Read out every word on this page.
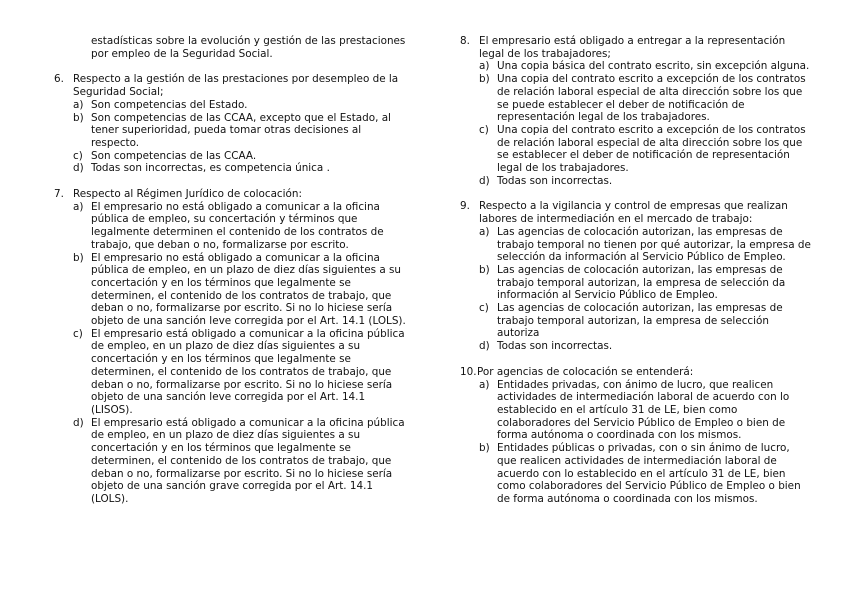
estadísticas sobre la evolución y gestión de las prestaciones por empleo de la Seguridad Social.
6. Respecto a la gestión de las prestaciones por desempleo de la Seguridad Social;
a) Son competencias del Estado.
b) Son competencias de las CCAA, excepto que el Estado, al tener superioridad, pueda tomar otras decisiones al respecto.
c) Son competencias de las CCAA.
d) Todas son incorrectas, es competencia única .
7. Respecto al Régimen Jurídico de colocación:
a) El empresario no está obligado a comunicar a la oficina pública de empleo, su concertación y términos que legalmente determinen el contenido de los contratos de trabajo, que deban o no, formalizarse por escrito.
b) El empresario no está obligado a comunicar a la oficina pública de empleo, en un plazo de diez días siguientes a su concertación y en los términos que legalmente se determinen, el contenido de los contratos de trabajo, que deban o no, formalizarse por escrito. Si no lo hiciese sería objeto de una sanción leve corregida por el Art. 14.1 (LOLS).
c) El empresario está obligado a comunicar a la oficina pública de empleo, en un plazo de diez días siguientes a su concertación y en los términos que legalmente se determinen, el contenido de los contratos de trabajo, que deban o no, formalizarse por escrito. Si no lo hiciese sería objeto de una sanción leve corregida por el Art. 14.1 (LISOS).
d) El empresario está obligado a comunicar a la oficina pública de empleo, en un plazo de diez días siguientes a su concertación y en los términos que legalmente se determinen, el contenido de los contratos de trabajo, que deban o no, formalizarse por escrito. Si no lo hiciese sería objeto de una sanción grave corregida por el Art. 14.1 (LOLS).
8. El empresario está obligado a entregar a la representación legal de los trabajadores;
a) Una copia básica del contrato escrito, sin excepción alguna.
b) Una copia del contrato escrito a excepción de los contratos de relación laboral especial de alta dirección sobre los que se puede establecer el deber de notificación de representación legal de los trabajadores.
c) Una copia del contrato escrito a excepción de los contratos de relación laboral especial de alta dirección sobre los que se establecer el deber de notificación de representación legal de los trabajadores.
d) Todas son incorrectas.
9. Respecto a la vigilancia y control de empresas que realizan labores de intermediación en el mercado de trabajo:
a) Las agencias de colocación autorizan, las empresas de trabajo temporal no tienen por qué autorizar, la empresa de selección da información al Servicio Público de Empleo.
b) Las agencias de colocación autorizan, las empresas de trabajo temporal autorizan, la empresa de selección da información al Servicio Público de Empleo.
c) Las agencias de colocación autorizan, las empresas de trabajo temporal autorizan, la empresa de selección autoriza
d) Todas son incorrectas.
10. Por agencias de colocación se entenderá:
a) Entidades privadas, con ánimo de lucro, que realicen actividades de intermediación laboral de acuerdo con lo establecido en el artículo 31 de LE, bien como colaboradores del Servicio Público de Empleo o bien de forma autónoma o coordinada con los mismos.
b) Entidades públicas o privadas, con o sin ánimo de lucro, que realicen actividades de intermediación laboral de acuerdo con lo establecido en el artículo 31 de LE, bien como colaboradores del Servicio Público de Empleo o bien de forma autónoma o coordinada con los mismos.
